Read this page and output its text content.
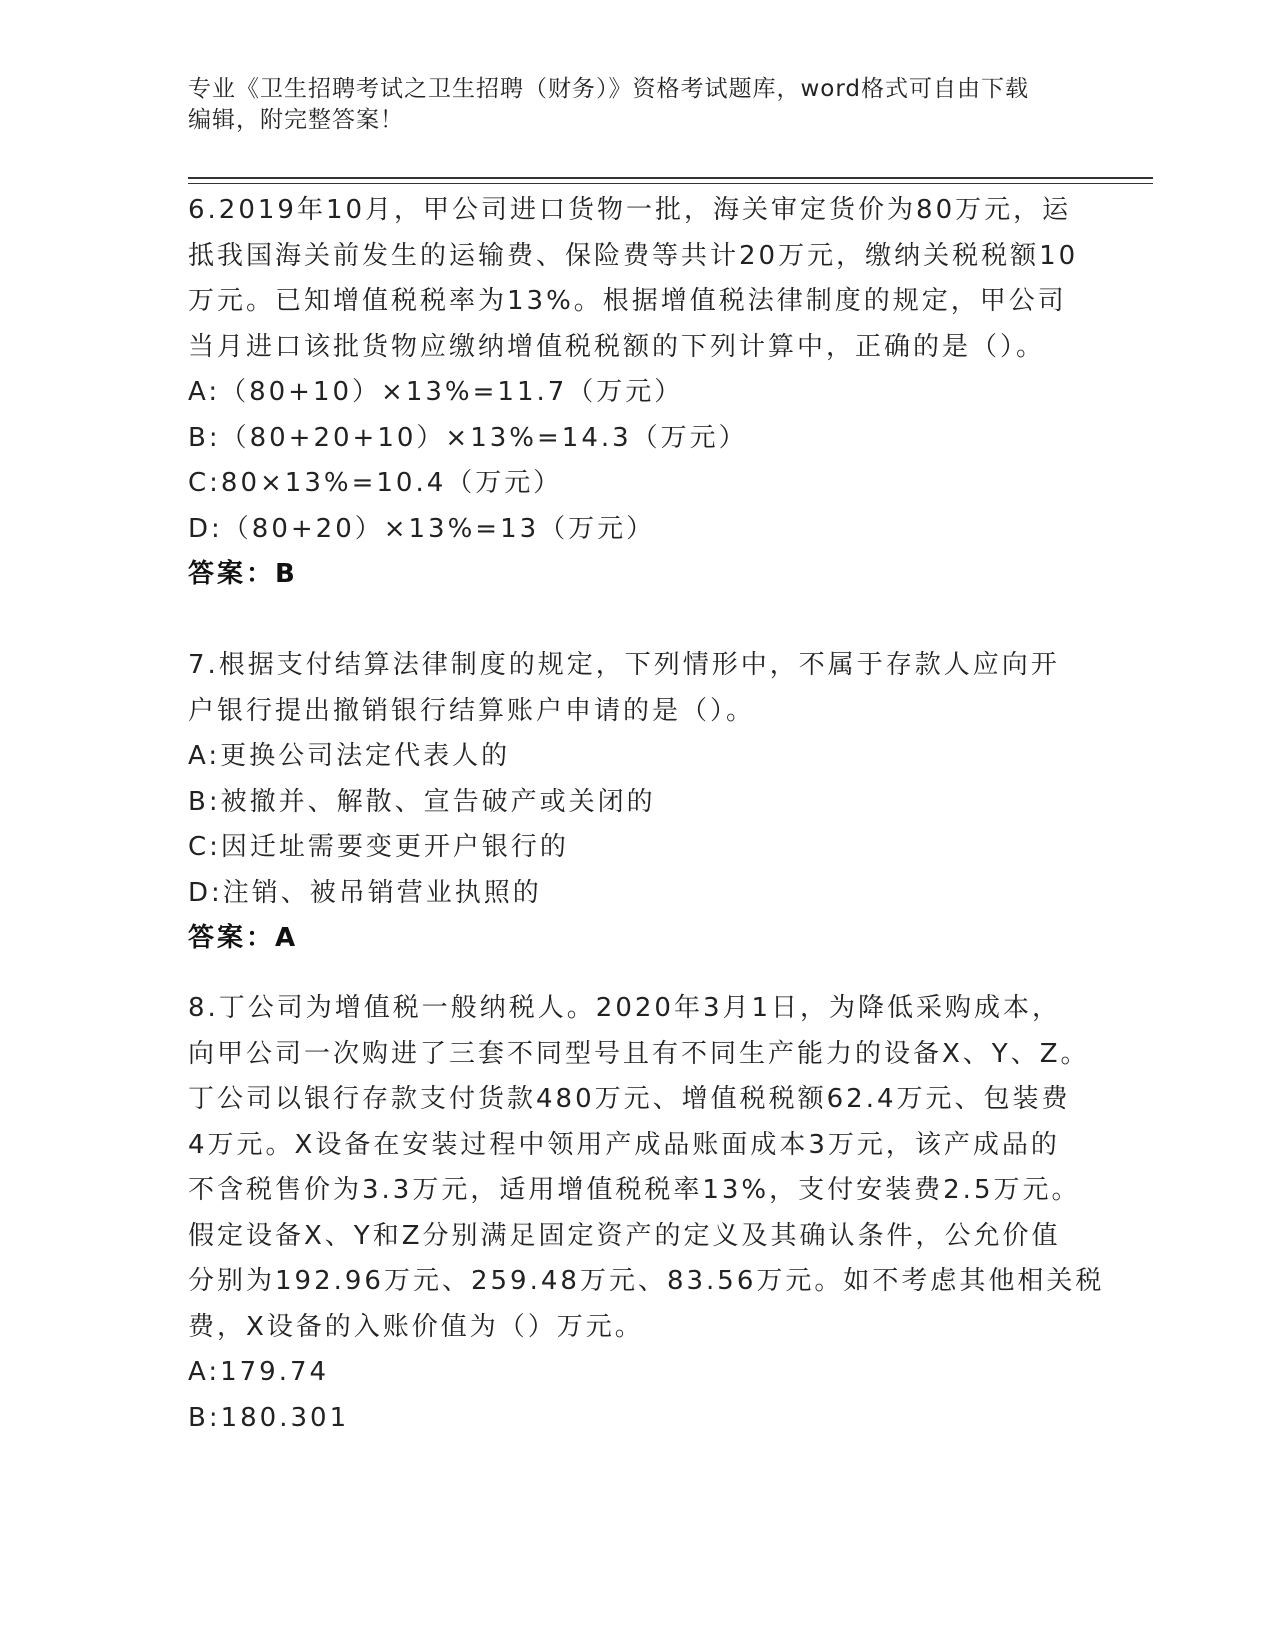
专业《卫生招聘考试之卫生招聘（财务）》资格考试题库，word格式可自由下载
编辑，附完整答案！
6.2019年10月，甲公司进口货物一批，海关审定货价为80万元，运
抵我国海关前发生的运输费、保险费等共计20万元，缴纳关税税额10
万元。已知增值税税率为13%。根据增值税法律制度的规定，甲公司
当月进口该批货物应缴纳增值税税额的下列计算中，正确的是（）。
A:（80+10）×13%=11.7（万元）
B:（80+20+10）×13%=14.3（万元）
C:80×13%=10.4（万元）
D:（80+20）×13%=13（万元）
答案：B
7.根据支付结算法律制度的规定，下列情形中，不属于存款人应向开
户银行提出撤销银行结算账户申请的是（）。
A:更换公司法定代表人的
B:被撤并、解散、宣告破产或关闭的
C:因迁址需要变更开户银行的
D:注销、被吊销营业执照的
答案：A
8.丁公司为增值税一般纳税人。2020年3月1日，为降低采购成本，
向甲公司一次购进了三套不同型号且有不同生产能力的设备X、Y、Z。
丁公司以银行存款支付货款480万元、增值税税额62.4万元、包装费
4万元。X设备在安装过程中领用产成品账面成本3万元，该产成品的
不含税售价为3.3万元，适用增值税税率13%，支付安装费2.5万元。
假定设备X、Y和Z分别满足固定资产的定义及其确认条件，公允价值
分别为192.96万元、259.48万元、83.56万元。如不考虑其他相关税
费，X设备的入账价值为（）万元。
A:179.74
B:180.301
